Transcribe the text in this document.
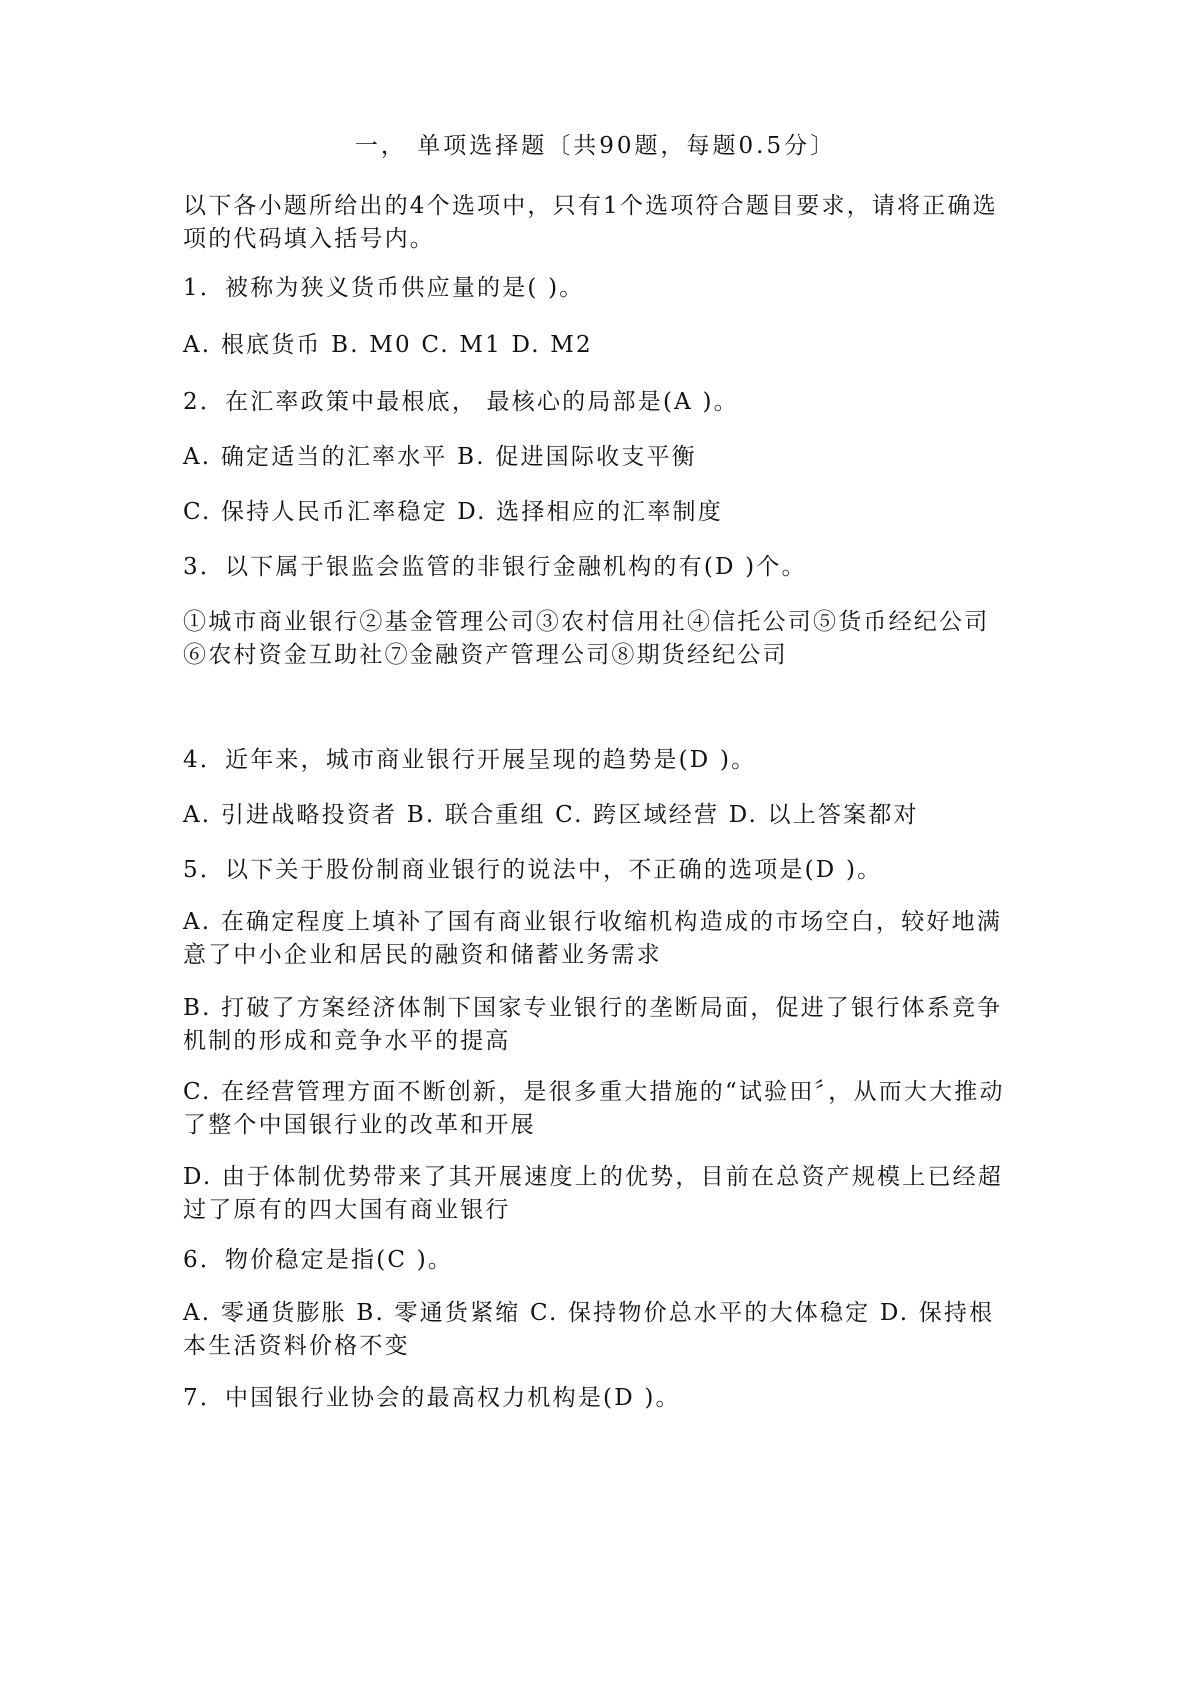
一， 单项选择题〔共90题，每题0.5分〕
以下各小题所给出的4个选项中，只有1个选项符合题目要求，请将正确选项的代码填入括号内。
1．被称为狭义货币供应量的是( )。
A. 根底货币 B. M0 C. M1 D. M2
2．在汇率政策中最根底， 最核心的局部是(A )。
A. 确定适当的汇率水平 B. 促进国际收支平衡
C. 保持人民币汇率稳定 D. 选择相应的汇率制度
3．以下属于银监会监管的非银行金融机构的有(D )个。
①城市商业银行②基金管理公司③农村信用社④信托公司⑤货币经纪公司⑥农村资金互助社⑦金融资产管理公司⑧期货经纪公司
4．近年来，城市商业银行开展呈现的趋势是(D )。
A. 引进战略投资者 B. 联合重组 C. 跨区域经营 D. 以上答案都对
5．以下关于股份制商业银行的说法中，不正确的选项是(D )。
A. 在确定程度上填补了国有商业银行收缩机构造成的市场空白，较好地满意了中小企业和居民的融资和储蓄业务需求
B. 打破了方案经济体制下国家专业银行的垄断局面，促进了银行体系竞争机制的形成和竞争水平的提高
C. 在经营管理方面不断创新，是很多重大措施的“试验田〞，从而大大推动了整个中国银行业的改革和开展
D. 由于体制优势带来了其开展速度上的优势，目前在总资产规模上已经超过了原有的四大国有商业银行
6．物价稳定是指(C )。
A. 零通货膨胀 B. 零通货紧缩 C. 保持物价总水平的大体稳定 D. 保持根本生活资料价格不变
7．中国银行业协会的最高权力机构是(D )。
